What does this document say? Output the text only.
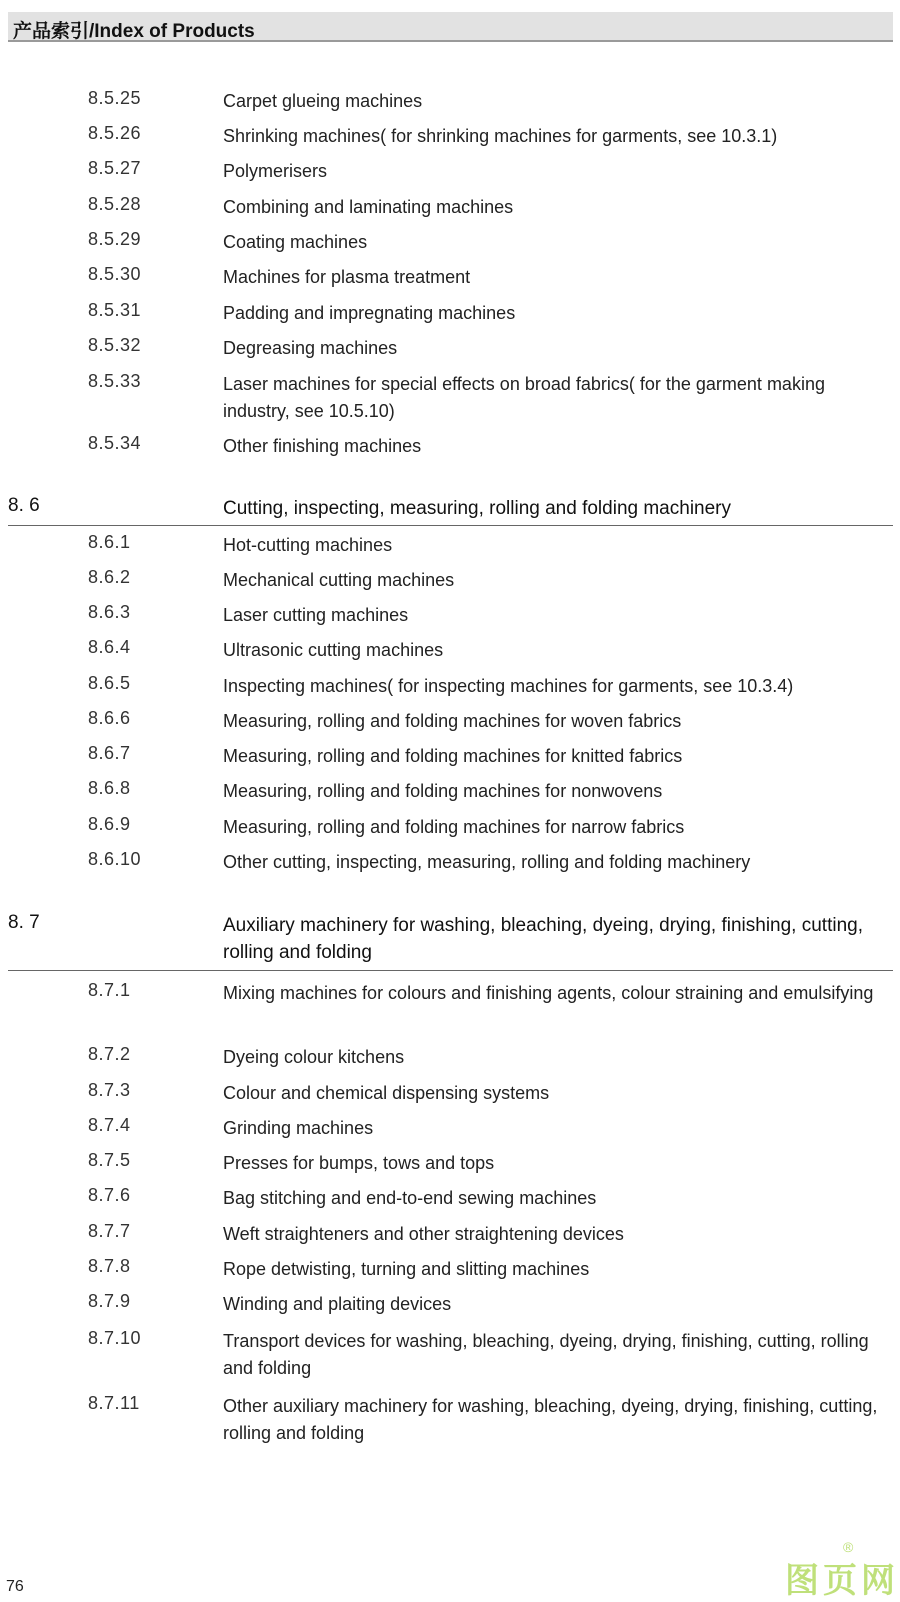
产品索引/Index of Products
8.5.25	Carpet glueing machines
8.5.26	Shrinking machines( for shrinking machines for garments, see 10.3.1)
8.5.27	Polymerisers
8.5.28	Combining and laminating machines
8.5.29	Coating machines
8.5.30	Machines for plasma treatment
8.5.31	Padding and impregnating machines
8.5.32	Degreasing machines
8.5.33	Laser machines for special effects on broad fabrics( for the garment making industry, see 10.5.10)
8.5.34	Other finishing machines
8. 6	Cutting, inspecting, measuring, rolling and folding machinery
8.6.1	Hot-cutting machines
8.6.2	Mechanical cutting machines
8.6.3	Laser cutting machines
8.6.4	Ultrasonic cutting machines
8.6.5	Inspecting machines( for inspecting machines for garments, see 10.3.4)
8.6.6	Measuring, rolling and folding machines for woven fabrics
8.6.7	Measuring, rolling and folding machines for knitted fabrics
8.6.8	Measuring, rolling and folding machines for nonwovens
8.6.9	Measuring, rolling and folding machines for narrow fabrics
8.6.10	Other cutting, inspecting, measuring, rolling and folding machinery
8. 7	Auxiliary machinery for washing, bleaching, dyeing, drying, finishing, cutting, rolling and folding
8.7.1	Mixing machines for colours and finishing agents, colour straining and emulsifying
8.7.2	Dyeing colour kitchens
8.7.3	Colour and chemical dispensing systems
8.7.4	Grinding machines
8.7.5	Presses for bumps, tows and tops
8.7.6	Bag stitching and end-to-end sewing machines
8.7.7	Weft straighteners and other straightening devices
8.7.8	Rope detwisting, turning and slitting machines
8.7.9	Winding and plaiting devices
8.7.10	Transport devices for washing, bleaching, dyeing, drying, finishing, cutting, rolling and folding
8.7.11	Other auxiliary machinery for washing, bleaching, dyeing, drying, finishing, cutting, rolling and folding
76	图页网
®
